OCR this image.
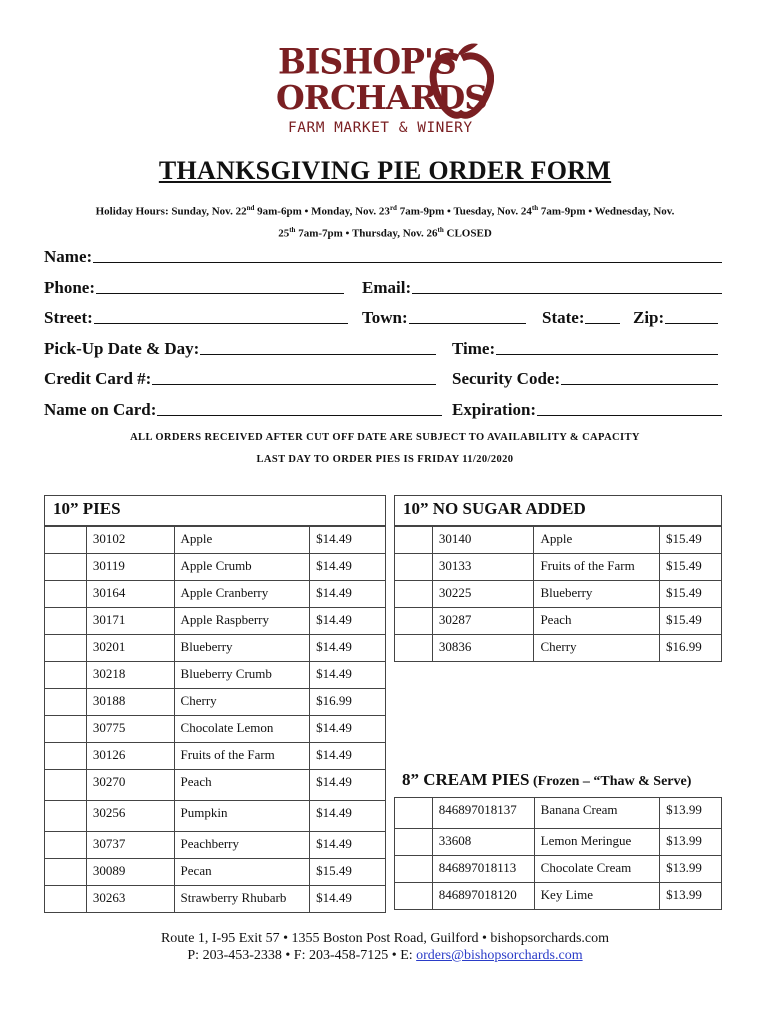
BISHOP'S
ORCHARDS
FARM MARKET & WINERY
THANKSGIVING PIE ORDER FORM
Holiday Hours: Sunday, Nov. 22nd 9am-6pm • Monday, Nov. 23rd 7am-9pm • Tuesday, Nov. 24th 7am-9pm • Wednesday, Nov.
25th 7am-7pm • Thursday, Nov. 26th CLOSED
Name:
Phone:	Email:
Street:	Town:	State:	Zip:
Pick-Up Date & Day:	Time:
Credit Card #:	Security Code:
Name on Card:	Expiration:
ALL ORDERS RECEIVED AFTER CUT OFF DATE ARE SUBJECT TO AVAILABILITY & CAPACITY
LAST DAY TO ORDER PIES IS FRIDAY 11/20/2020
10” PIES
	30102	Apple	$14.49
	30119	Apple Crumb	$14.49
	30164	Apple Cranberry	$14.49
	30171	Apple Raspberry	$14.49
	30201	Blueberry	$14.49
	30218	Blueberry Crumb	$14.49
	30188	Cherry	$16.99
	30775	Chocolate Lemon	$14.49
	30126	Fruits of the Farm	$14.49
	30270	Peach	$14.49
	30256	Pumpkin	$14.49
	30737	Peachberry	$14.49
	30089	Pecan	$15.49
	30263	Strawberry Rhubarb	$14.49
10” NO SUGAR ADDED
	30140	Apple	$15.49
	30133	Fruits of the Farm	$15.49
	30225	Blueberry	$15.49
	30287	Peach	$15.49
	30836	Cherry	$16.99
8” CREAM PIES (Frozen – “Thaw & Serve)
	846897018137	Banana Cream	$13.99
	33608	Lemon Meringue	$13.99
	846897018113	Chocolate Cream	$13.99
	846897018120	Key Lime	$13.99
Route 1, I-95 Exit 57 • 1355 Boston Post Road, Guilford • bishopsorchards.com
P: 203-453-2338 • F: 203-458-7125 • E: orders@bishopsorchards.com
